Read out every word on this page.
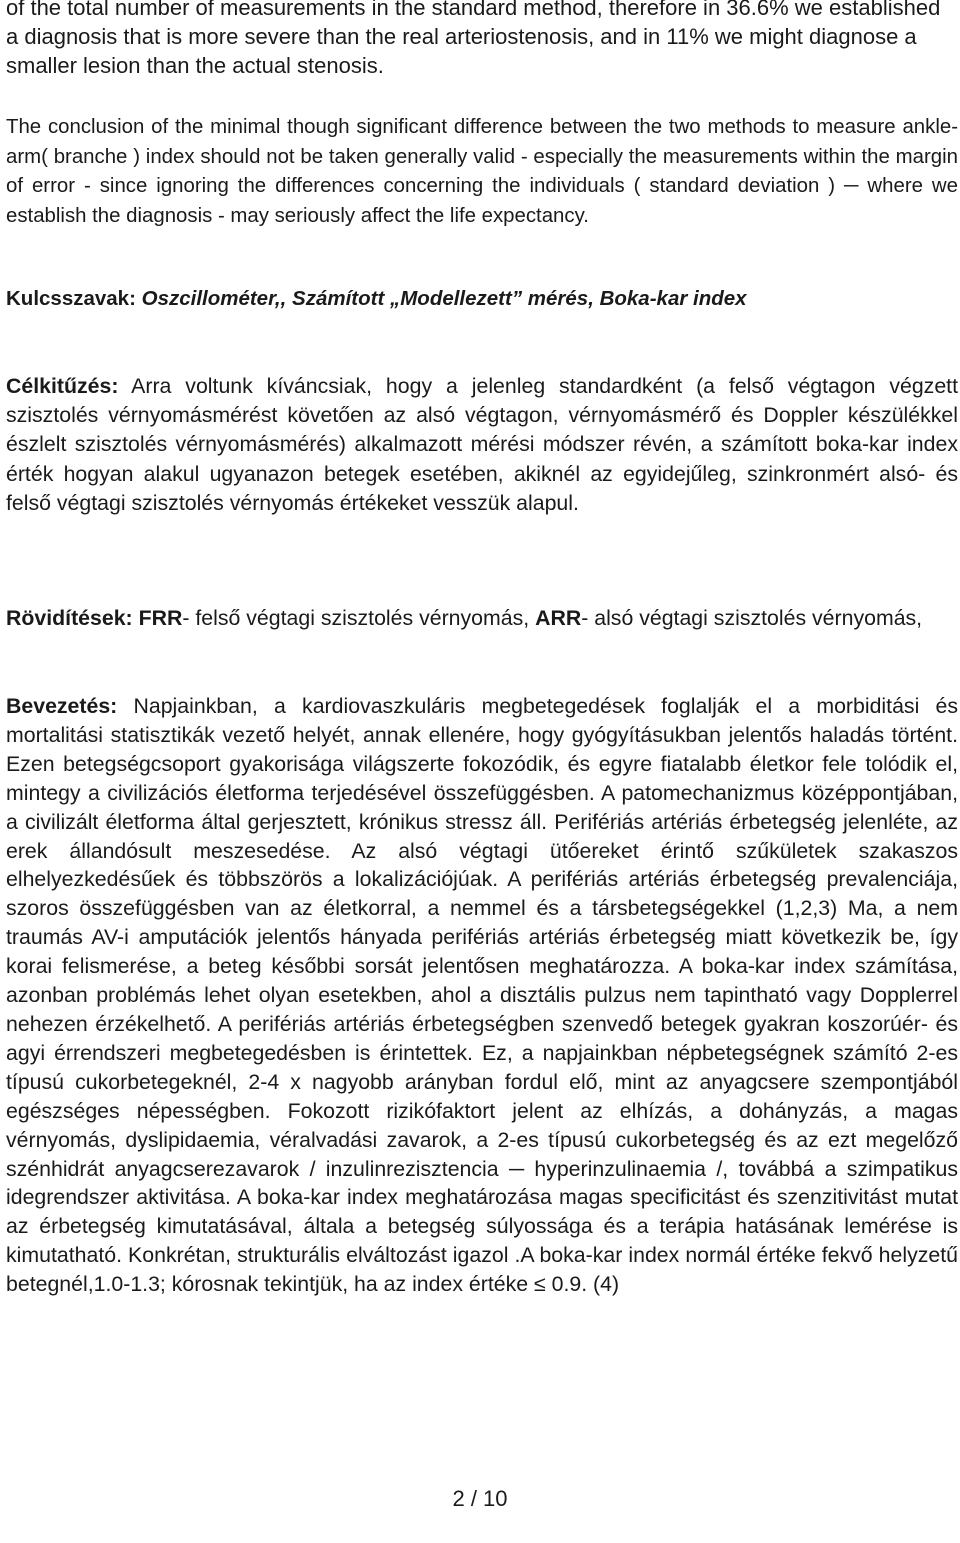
of the total number of measurements in the standard method, therefore in 36.6% we established a diagnosis that is more severe than the real arteriostenosis, and in 11% we might diagnose a smaller lesion than the actual stenosis.

The conclusion of the minimal though significant difference between the two methods to measure ankle-arm( branche ) index should not be taken generally valid - especially the measurements within the margin of error - since ignoring the differences concerning the individuals ( standard deviation ) ─ where we establish the diagnosis - may seriously affect the life expectancy.

Kulcsszavak: Oszcillométer,, Számított „Modellezett” mérés, Boka-kar index

Célkitűzés: Arra voltunk kíváncsiak, hogy a jelenleg standardként (a felső végtagon végzett szisztolés vérnyomásmérést követően az alsó végtagon, vérnyomásmérő és Doppler készülékkel észlelt szisztolés vérnyomásmérés) alkalmazott mérési módszer révén, a számított boka-kar index érték hogyan alakul ugyanazon betegek esetében, akiknél az egyidejűleg, szinkronmért alsó- és felső végtagi szisztolés vérnyomás értékeket vesszük alapul.

Rövidítések: FRR- felső végtagi szisztolés vérnyomás, ARR- alsó végtagi szisztolés vérnyomás,

Bevezetés: Napjainkban, a kardiovaszkuláris megbetegedések foglalják el a morbiditási és mortalitási statisztikák vezető helyét, annak ellenére, hogy gyógyításukban jelentős haladás történt. Ezen betegségcsoport gyakorisága világszerte fokozódik, és egyre fiatalabb életkor fele tolódik el, mintegy a civilizációs életforma terjedésével összefüggésben. A patomechanizmus középpontjában, a civilizált életforma által gerjesztett, krónikus stressz áll. Perifériás artériás érbetegség jelenléte, az erek állandósult meszesedése. Az alsó végtagi ütőereket érintő szűkületek szakaszos elhelyezkedésűek és többszörös a lokalizációjúak. A perifériás artériás érbetegség prevalenciája, szoros összefüggésben van az életkorral, a nemmel és a társbetegségekkel (1,2,3) Ma, a nem traumás AV-i amputációk jelentős hányada perifériás artériás érbetegség miatt következik be, így korai felismerése, a beteg későbbi sorsát jelentősen meghatározza. A boka-kar index számítása, azonban problémás lehet olyan esetekben, ahol a disztális pulzus nem tapintható vagy Dopplerrel nehezen érzékelhető. A perifériás artériás érbetegségben szenvedő betegek gyakran koszorúér- és agyi érrendszeri megbetegedésben is érintettek. Ez, a napjainkban népbetegségnek számító 2-es típusú cukorbetegeknél, 2-4 x nagyobb arányban fordul elő, mint az anyagcsere szempontjából egészséges népességben. Fokozott rizikófaktort jelent az elhízás, a dohányzás, a magas vérnyomás, dyslipidaemia, véralvadási zavarok, a 2-es típusú cukorbetegség és az ezt megelőző szénhidrát anyagcserezavarok / inzulinrezisztencia ─ hyperinzulinaemia /, továbbá a szimpatikus idegrendszer aktivitása. A boka-kar index meghatározása magas specificitást és szenzitivitást mutat az érbetegség kimutatásával, általa a betegség súlyossága és a terápia hatásának lemérése is kimutatható. Konkrétan, strukturális elváltozást igazol .A boka-kar index normál értéke fekvő helyzetű betegnél,1.0-1.3; kórosnak tekintjük, ha az index értéke ≤ 0.9. (4)

2 / 10
